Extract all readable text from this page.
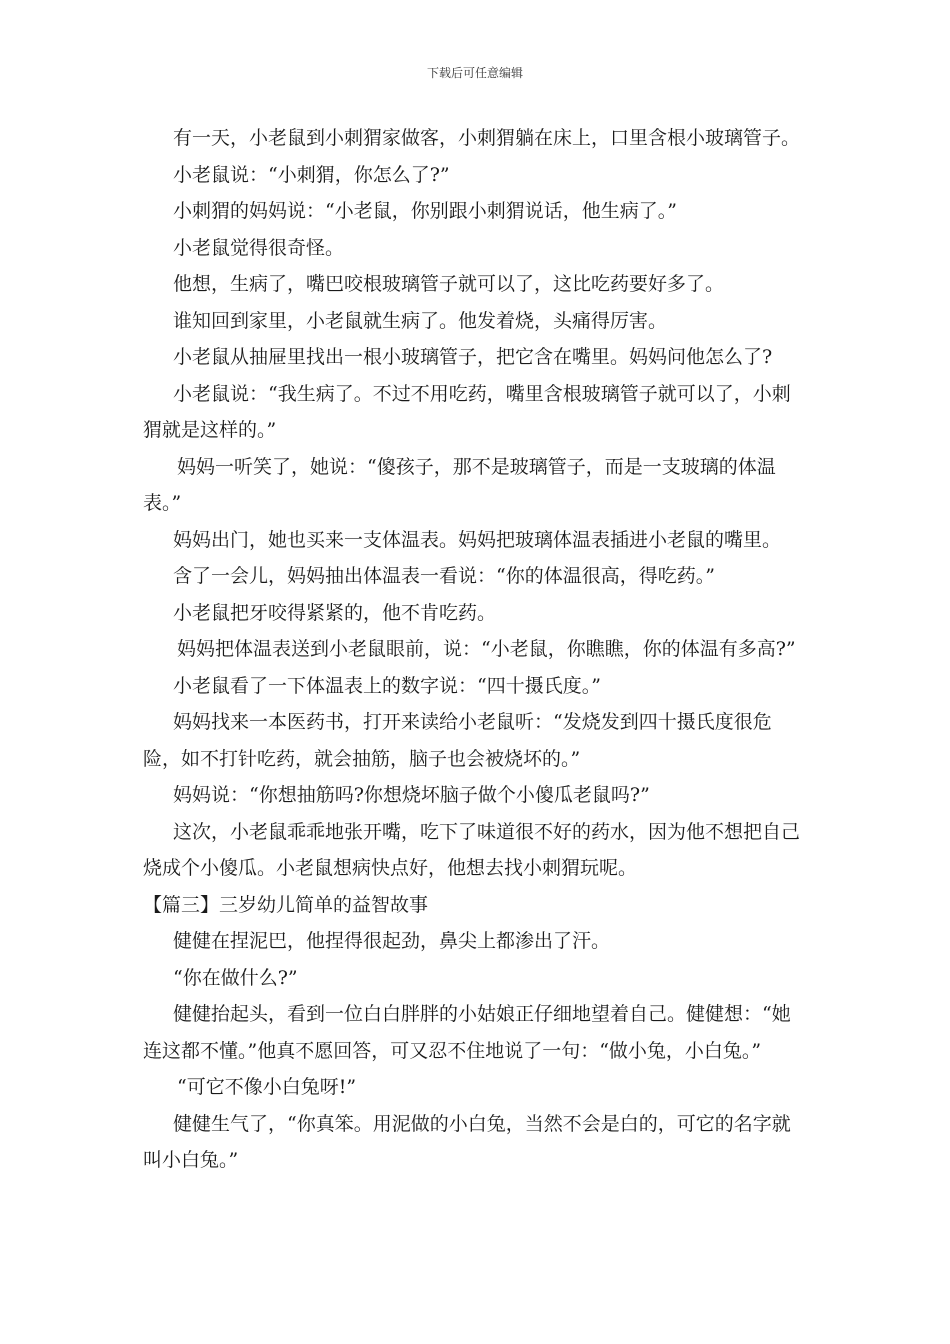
下载后可任意编辑

有一天，小老鼠到小刺猬家做客，小刺猬躺在床上，口里含根小玻璃管子。

小老鼠说：“小刺猬，你怎么了?”

小刺猬的妈妈说：“小老鼠，你别跟小刺猬说话，他生病了。”

小老鼠觉得很奇怪。

他想，生病了，嘴巴咬根玻璃管子就可以了，这比吃药要好多了。

谁知回到家里，小老鼠就生病了。他发着烧，头痛得厉害。

小老鼠从抽屉里找出一根小玻璃管子，把它含在嘴里。妈妈问他怎么了?

小老鼠说：“我生病了。不过不用吃药，嘴里含根玻璃管子就可以了，小刺猬就是这样的。”

妈妈一听笑了，她说：“傻孩子，那不是玻璃管子，而是一支玻璃的体温表。”

妈妈出门，她也买来一支体温表。妈妈把玻璃体温表插进小老鼠的嘴里。

含了一会儿，妈妈抽出体温表一看说：“你的体温很高，得吃药。”

小老鼠把牙咬得紧紧的，他不肯吃药。

妈妈把体温表送到小老鼠眼前，说：“小老鼠，你瞧瞧，你的体温有多高?”

小老鼠看了一下体温表上的数字说：“四十摄氏度。”

妈妈找来一本医药书，打开来读给小老鼠听：“发烧发到四十摄氏度很危险，如不打针吃药，就会抽筋，脑子也会被烧坏的。”

妈妈说：“你想抽筋吗?你想烧坏脑子做个小傻瓜老鼠吗?”

这次，小老鼠乖乖地张开嘴，吃下了味道很不好的药水，因为他不想把自己烧成个小傻瓜。小老鼠想病快点好，他想去找小刺猬玩呢。

【篇三】三岁幼儿简单的益智故事

健健在捏泥巴，他捏得很起劲，鼻尖上都渗出了汗。

“你在做什么?”

健健抬起头，看到一位白白胖胖的小姑娘正仔细地望着自己。健健想：“她连这都不懂。”他真不愿回答，可又忍不住地说了一句：“做小兔，小白兔。”

“可它不像小白兔呀!”

健健生气了，“你真笨。用泥做的小白兔，当然不会是白的，可它的名字就叫小白兔。”
